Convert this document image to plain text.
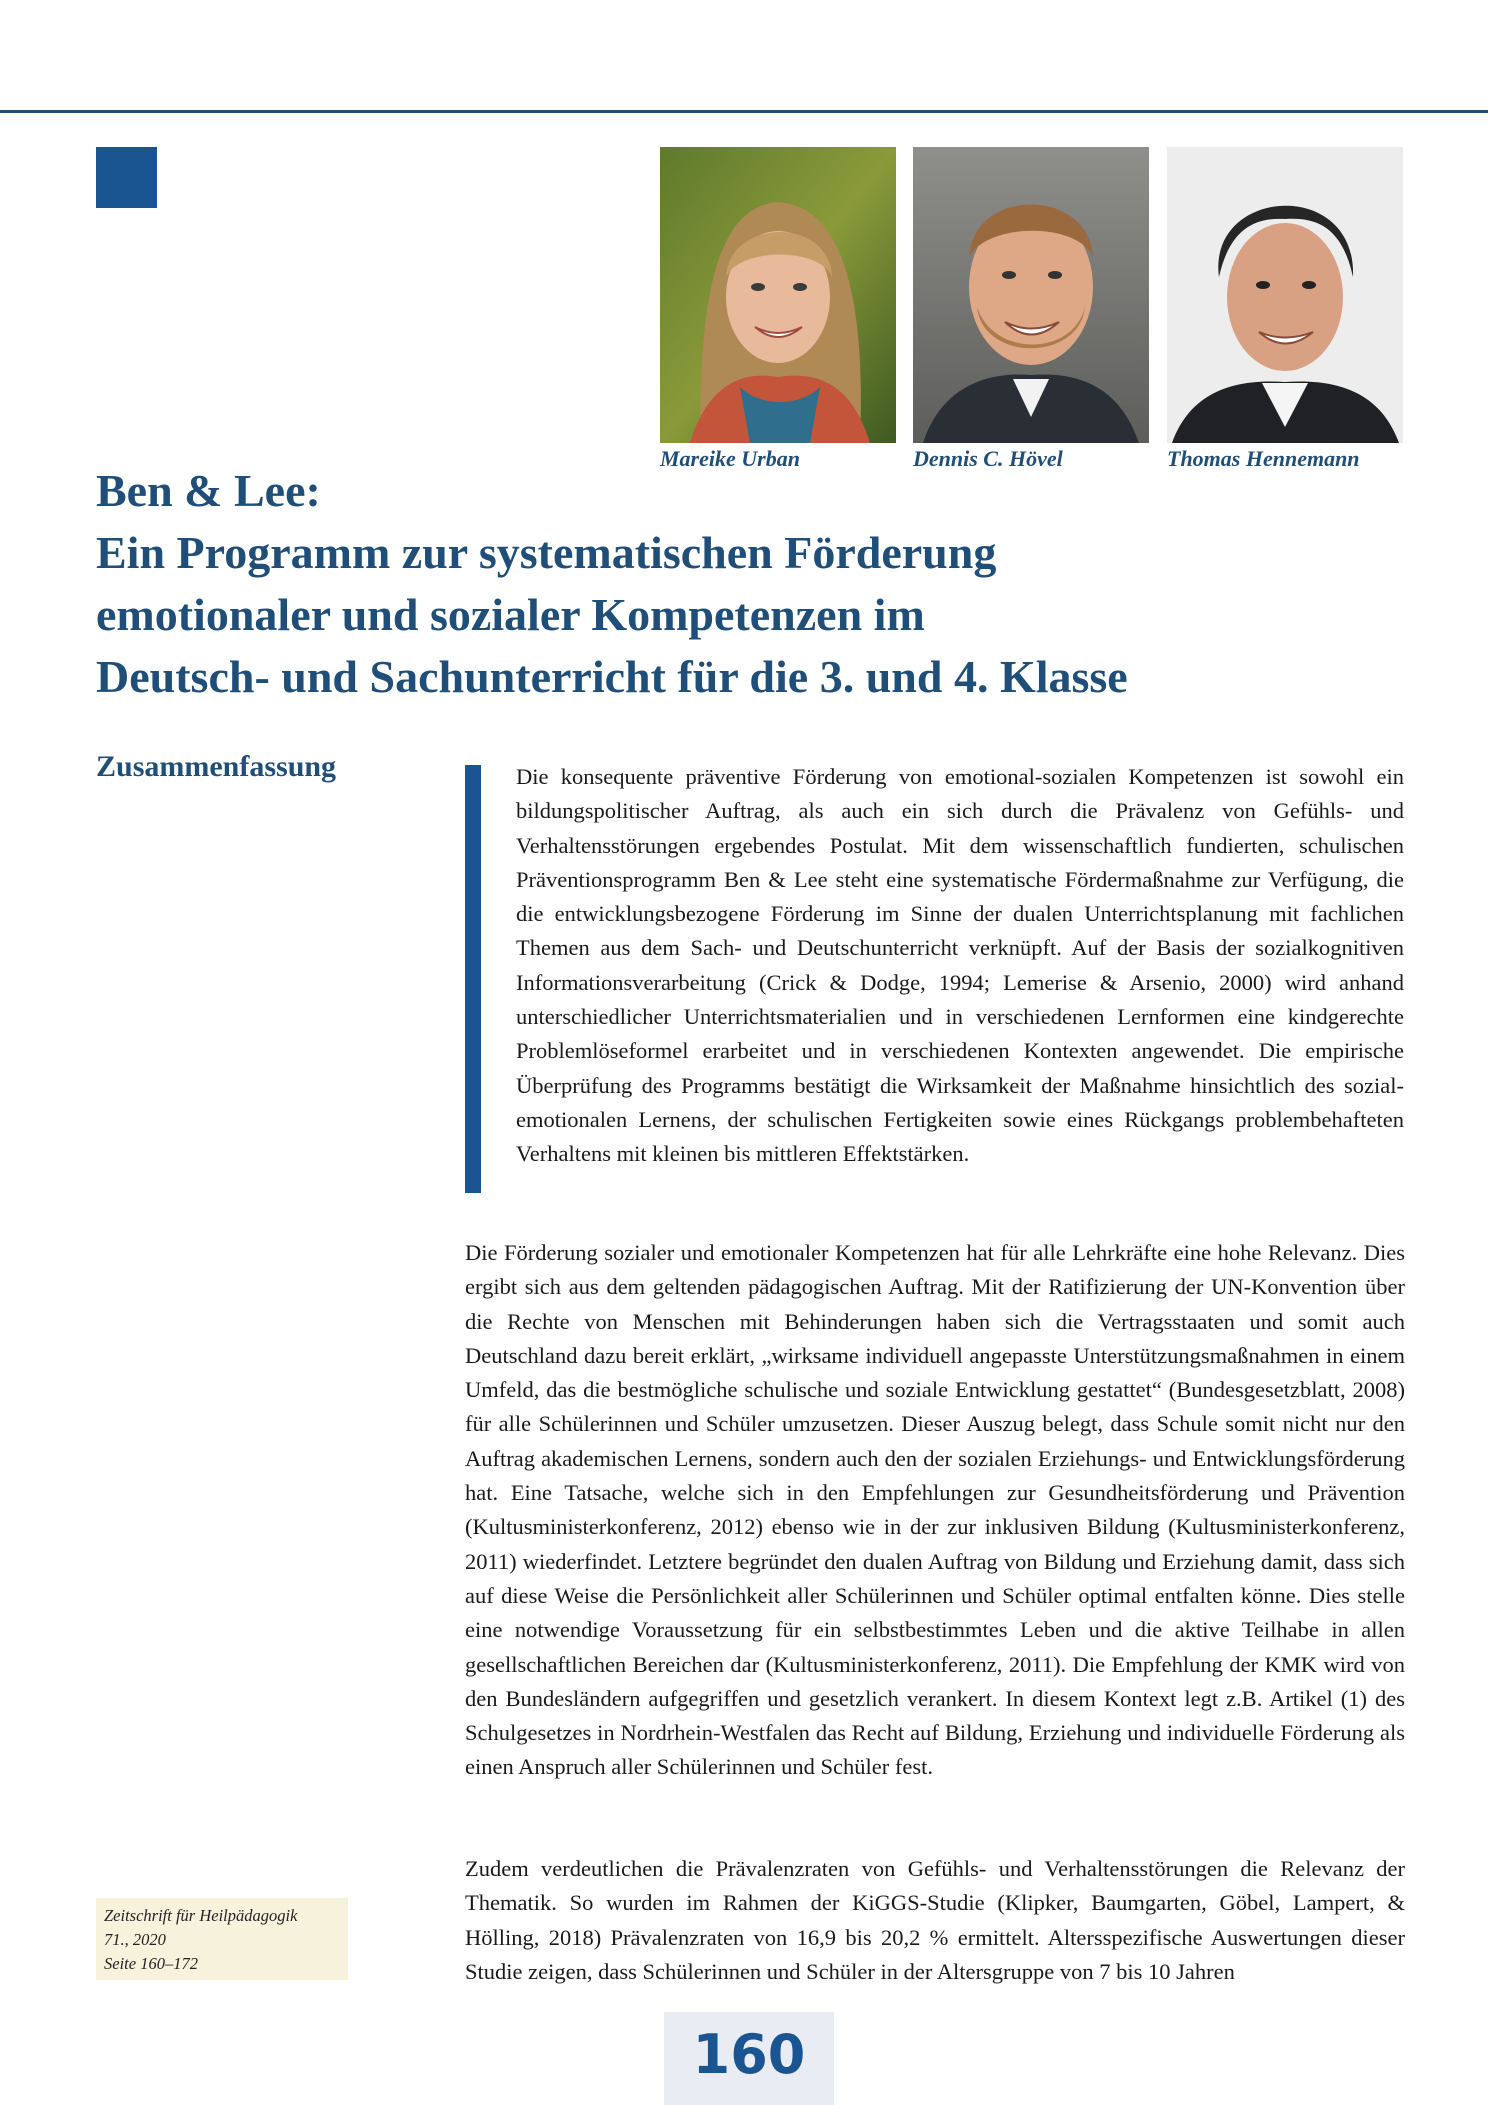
Mareike Urban	Dennis C. Hövel	Thomas Hennemann
Ben & Lee:
Ein Programm zur systematischen Förderung
emotionaler und sozialer Kompetenzen im
Deutsch- und Sachunterricht für die 3. und 4. Klasse
Zusammenfassung	Die konsequente präventive Förderung von emotional-sozialen Kompetenzen ist sowohl ein bildungspolitischer Auftrag, als auch ein sich durch die Prävalenz von Gefühls- und Verhaltensstörungen ergebendes Postulat. Mit dem wissenschaftlich fundierten, schulischen Präventionsprogramm Ben & Lee steht eine systematische Fördermaßnahme zur Verfügung, die die entwicklungsbezogene Förderung im Sinne der dualen Unterrichtsplanung mit fachlichen Themen aus dem Sach- und Deutschunterricht verknüpft. Auf der Basis der sozialkognitiven Informationsverarbeitung (Crick & Dodge, 1994; Lemerise & Arsenio, 2000) wird anhand unterschiedlicher Unterrichtsmaterialien und in verschiedenen Lernformen eine kindgerechte Problemlöseformel erarbeitet und in verschiedenen Kontexten angewendet. Die empirische Überprüfung des Programms bestätigt die Wirksamkeit der Maßnahme hinsichtlich des sozial-emotionalen Lernens, der schulischen Fertigkeiten sowie eines Rückgangs problembehafteten Verhaltens mit kleinen bis mittleren Effektstärken.
Die Förderung sozialer und emotionaler Kompetenzen hat für alle Lehrkräfte eine hohe Relevanz. Dies ergibt sich aus dem geltenden pädagogischen Auftrag. Mit der Ratifizierung der UN-Konvention über die Rechte von Menschen mit Behinderungen haben sich die Vertragsstaaten und somit auch Deutschland dazu bereit erklärt, „wirksame individuell angepasste Unterstützungsmaßnahmen in einem Umfeld, das die bestmögliche schulische und soziale Entwicklung gestattet“ (Bundesgesetzblatt, 2008) für alle Schülerinnen und Schüler umzusetzen. Dieser Auszug belegt, dass Schule somit nicht nur den Auftrag akademischen Lernens, sondern auch den der sozialen Erziehungs- und Entwicklungsförderung hat. Eine Tatsache, welche sich in den Empfehlungen zur Gesundheitsförderung und Prävention (Kultusministerkonferenz, 2012) ebenso wie in der zur inklusiven Bildung (Kultusministerkonferenz, 2011) wiederfindet. Letztere begründet den dualen Auftrag von Bildung und Erziehung damit, dass sich auf diese Weise die Persönlichkeit aller Schülerinnen und Schüler optimal entfalten könne. Dies stelle eine notwendige Voraussetzung für ein selbstbestimmtes Leben und die aktive Teilhabe in allen gesellschaftlichen Bereichen dar (Kultusministerkonferenz, 2011). Die Empfehlung der KMK wird von den Bundesländern aufgegriffen und gesetzlich verankert. In diesem Kontext legt z.B. Artikel (1) des Schulgesetzes in Nordrhein-Westfalen das Recht auf Bildung, Erziehung und individuelle Förderung als einen Anspruch aller Schülerinnen und Schüler fest.
Zudem verdeutlichen die Prävalenzraten von Gefühls- und Verhaltensstörungen die Relevanz der Thematik. So wurden im Rahmen der KiGGS-Studie (Klipker, Baumgarten, Göbel, Lampert, & Hölling, 2018) Prävalenzraten von 16,9 bis 20,2 % ermittelt. Altersspezifische Auswertungen dieser Studie zeigen, dass Schülerinnen und Schüler in der Altersgruppe von 7 bis 10 Jahren
Zeitschrift für Heilpädagogik
71., 2020
Seite 160–172
160
